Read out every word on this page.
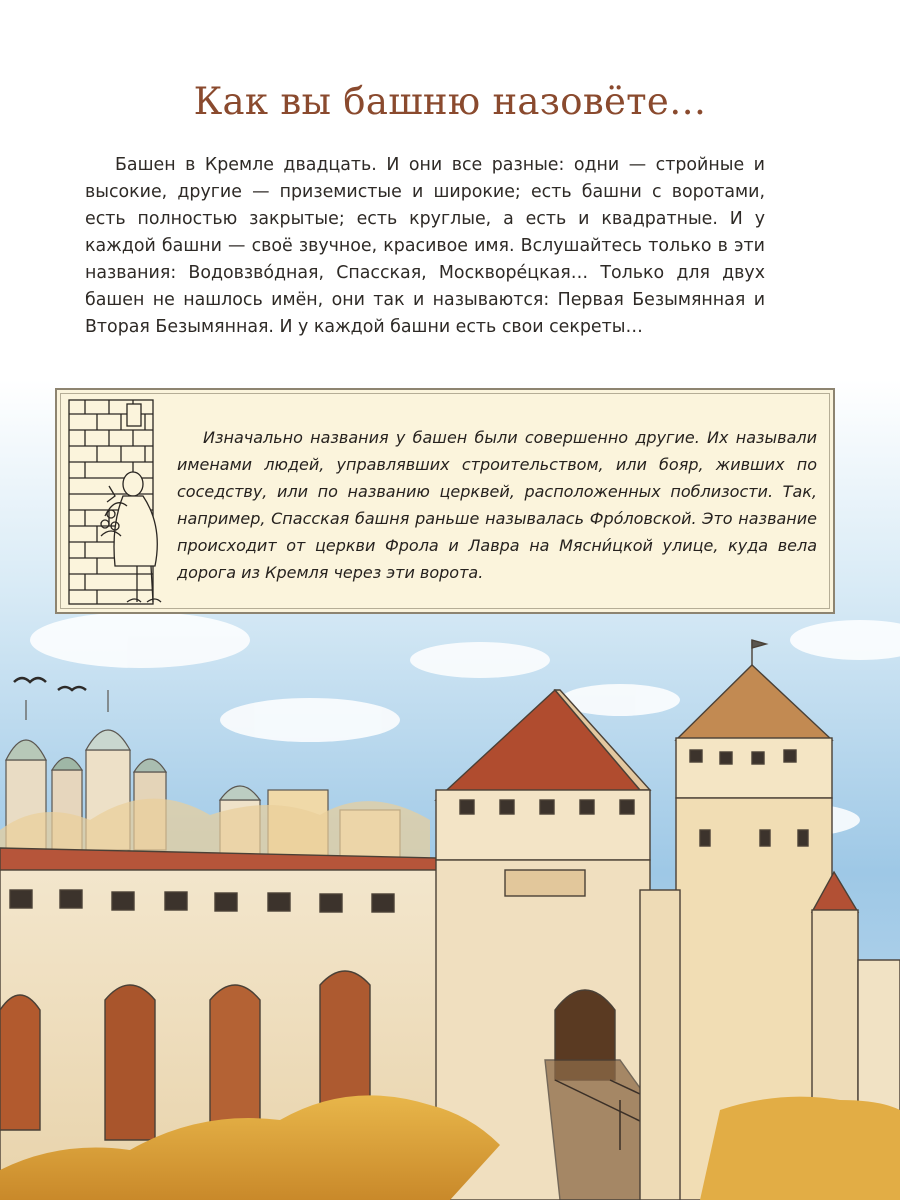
Как вы башню назовёте…

Башен в Кремле двадцать. И они все разные: одни — стройные и высокие, другие — приземистые и широкие; есть башни с воротами, есть полностью закрытые; есть круглые, а есть и квадратные. И у каждой башни — своё звучное, красивое имя. Вслушайтесь только в эти названия: Водовзво́дная, Спасская, Москворе́цкая… Только для двух башен не нашлось имён, они так и называются: Первая Безымянная и Вторая Безымянная. И у каждой башни есть свои секреты…

Изначально названия у башен были совершенно другие. Их называли именами людей, управлявших строительством, или бояр, живших по соседству, или по названию церквей, расположенных поблизости. Так, например, Спасская башня раньше называлась Фро́ловской. Это название происходит от церкви Фрола и Лавра на Мясни́цкой улице, куда вела дорога из Кремля через эти ворота.
